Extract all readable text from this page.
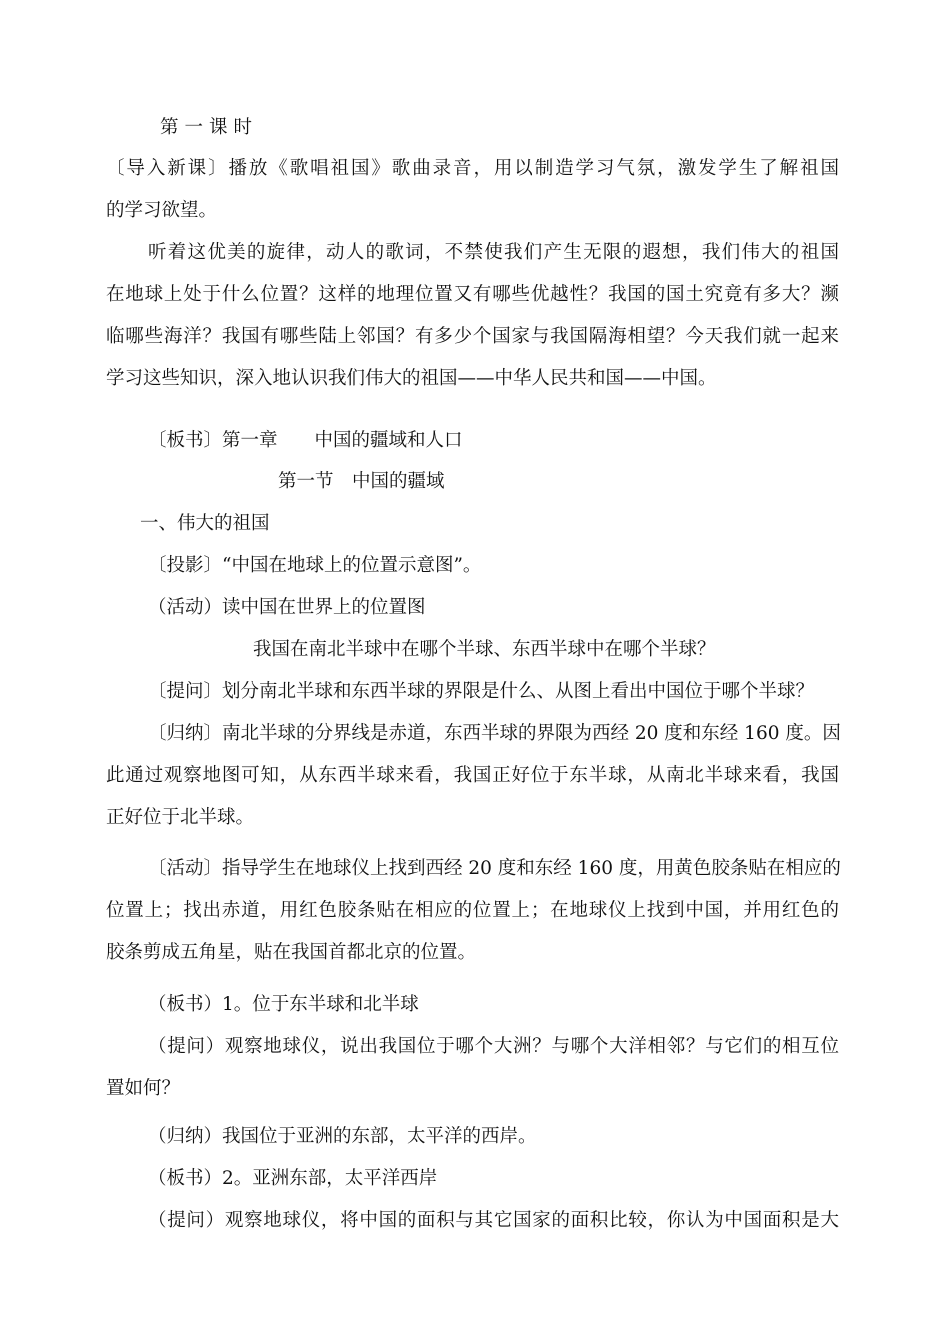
第一课时
〔导入新课〕播放《歌唱祖国》歌曲录音，用以制造学习气氛，激发学生了解祖国
的学习欲望。
听着这优美的旋律，动人的歌词，不禁使我们产生无限的遐想，我们伟大的祖国
在地球上处于什么位置？这样的地理位置又有哪些优越性？我国的国土究竟有多大？濒
临哪些海洋？我国有哪些陆上邻国？有多少个国家与我国隔海相望？今天我们就一起来
学习这些知识，深入地认识我们伟大的祖国——中华人民共和国——中国。
〔板书〕第一章　　中国的疆域和人口
第一节　中国的疆域
一、伟大的祖国
〔投影〕“中国在地球上的位置示意图”。
（活动）读中国在世界上的位置图
我国在南北半球中在哪个半球、东西半球中在哪个半球？
〔提问〕划分南北半球和东西半球的界限是什么、从图上看出中国位于哪个半球？
〔归纳〕南北半球的分界线是赤道，东西半球的界限为西经 20 度和东经 160 度。因
此通过观察地图可知，从东西半球来看，我国正好位于东半球，从南北半球来看，我国
正好位于北半球。
〔活动〕指导学生在地球仪上找到西经 20 度和东经 160 度，用黄色胶条贴在相应的
位置上；找出赤道，用红色胶条贴在相应的位置上；在地球仪上找到中国，并用红色的
胶条剪成五角星，贴在我国首都北京的位置。
（板书）1。位于东半球和北半球
（提问）观察地球仪，说出我国位于哪个大洲？与哪个大洋相邻？与它们的相互位
置如何？
（归纳）我国位于亚洲的东部，太平洋的西岸。
（板书）2。亚洲东部，太平洋西岸
（提问）观察地球仪，将中国的面积与其它国家的面积比较，你认为中国面积是大
